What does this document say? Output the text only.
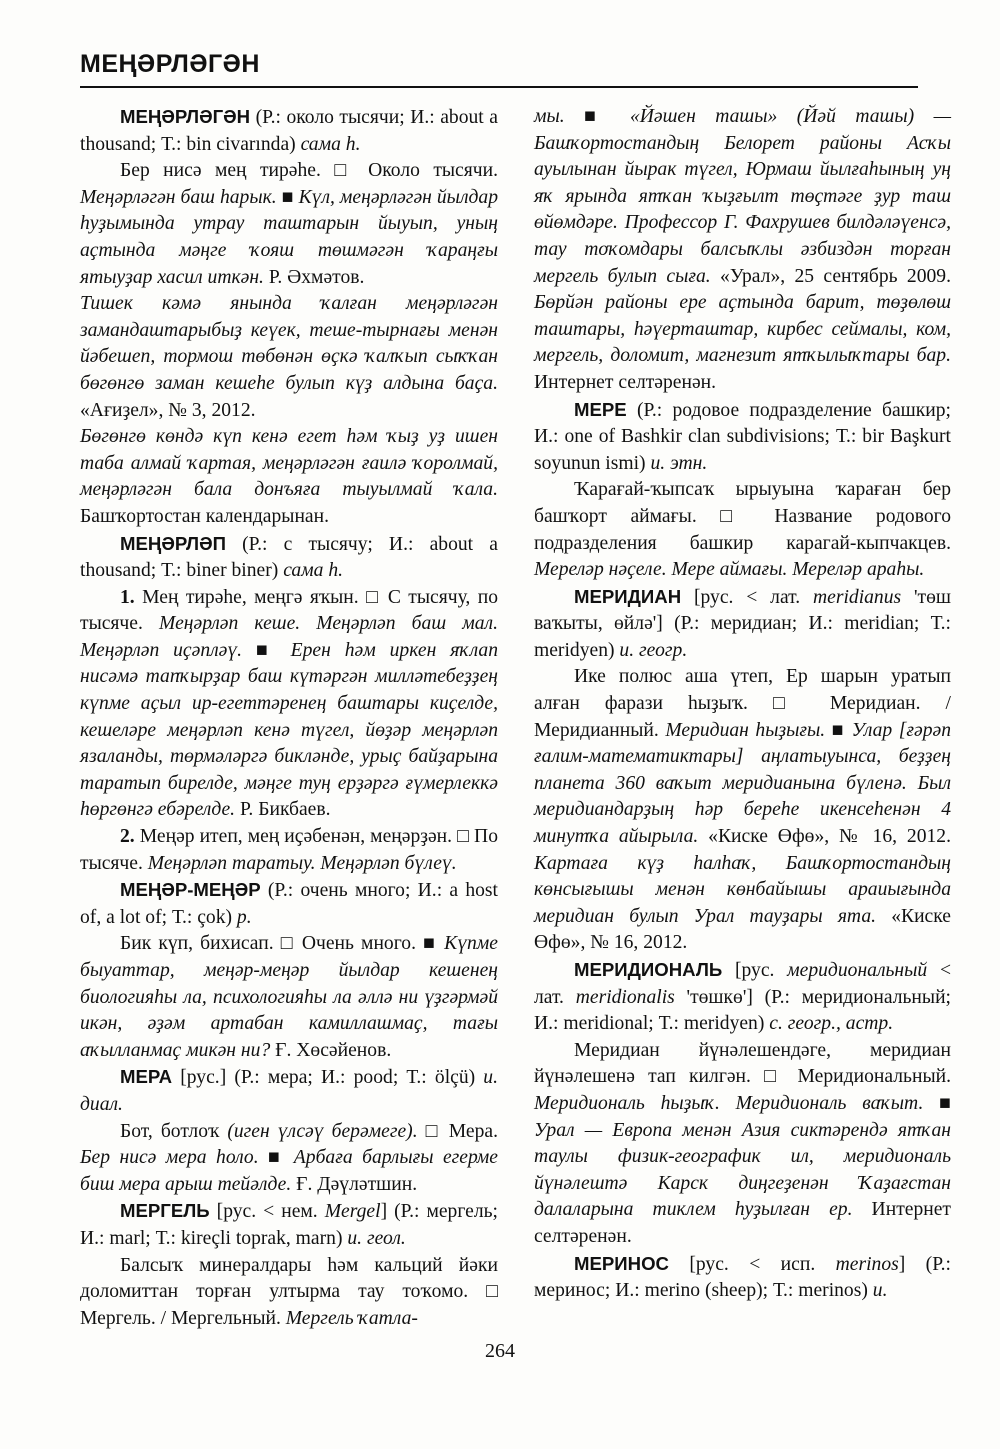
МЕҢӘРЛӘГӘН

МЕҢӘРЛӘГӘН (Р.: около тысячи; И.: about a thousand; Т.: bin civarında) сама h.

Бер нисә мең тирәhе. □ Около тысячи. Меңәрләгән баш hарык. ■ Күл, меңәрләгән йылдар hуҙымында утрау таштарын йыуып, уның аҫтында мәңге ҡояш төшмәгән ҡараңғы ятыуҙар хасил иткән. Р. Әхмәтов.

Тишек кәмә янында ҡалған меңәрләгән замандаштарыбыҙ кеүек, теше-тырнағы менән йәбешеп, тормош төбөнән өҫкә ҡалҡып сыҡҡан бөгөнгө заман кешеhе булып күҙ алдына баҫа. «Ағиҙел», № 3, 2012.

Бөгөнгө көндә күп кенә егет hәм ҡыҙ уҙ ишен таба алмай ҡартая, меңәрләгән ғаилә ҡоролмай, меңәрләгән бала донъяға тыуылмай ҡала. Башҡортостан календарынан.

МЕҢӘРЛӘП (Р.: с тысячу; И.: about a thousand; Т.: biner biner) сама h.

1. Мең тирәhе, меңгә яҡын. □ С тысячу, по тысяче. Меңәрләп кеше. Меңәрләп баш мал. Меңәрләп иҫәпләү. ■ Ерен hәм иркен яҡлап нисәмә тапҡырҙар баш күтәргән милләтебеҙҙең күпме аҫыл ир-егеттәренең баштары киҫелде, кешеләре меңәрләп кенә түгел, йөҙәр меңәрләп язаланды, төрмәләргә бикләнде, урыҫ байҙарына таратып бирелде, мәңге туң ерҙәргә ғүмерлеккә hөргөнгә ебәрелде. Р. Бикбаев.

2. Меңәр итеп, мең иҫәбенән, меңәрҙән. □ По тысяче. Меңәрләп таратыу. Меңәрләп бүлеү.

МЕҢӘР-МЕҢӘР (Р.: очень много; И.: a host of, a lot of; Т.: çok) р.

Бик күп, бихисап. □ Очень много. ■ Күпме быуаттар, меңәр-меңәр йылдар кешенең биологияhы ла, психологияhы ла әллә ни үҙгәрмәй икән, әҙәм артабан камиллашмаҫ, тағы аҡылланмаҫ микән ни? Ғ. Хөсәйенов.

МЕРА [рус.] (Р.: мера; И.: pood; Т.: ölçü) и. диал.

Бот, ботлоҡ (иген үлсәү берәмеге). □ Мера. Бер нисә мера hоло. ■ Арбаға барлығы егерме биш мера арыш тейәлде. Ғ. Дәүләтшин.

МЕРГЕЛЬ [рус. < нем. Mergel] (Р.: мергель; И.: marl; Т.: kireçli toprak, marn) и. геол.

Балсыҡ минералдары hәм кальций йәки доломиттан торған ултырма тау тоҡомо. □ Мергель. / Мергельный. Мергель ҡатла-

мы. ■ «Йәшен ташы» (Йәй ташы) — Башҡортостандың Белорет районы Асҡы ауылынан йырак түгел, Юрмаш йылғаhының уң яҡ ярында ятҡан ҡыҙғылт төҫтәге ҙур таш өйөмдәре. Профессор Г. Фахрушев билдәләүенсә, тау тоҡомдары балсыҡлы әзбиздән торған мергель булып сыға. «Урал», 25 сентябрь 2009. Бөрйән районы ере аҫтында барит, төҙөлөш таштары, hәүерташтар, кирбес сеймалы, ком, мергель, доломит, магнезит ятҡылыҡтары бар. Интернет селтәренән.

МЕРЕ (Р.: родовое подразделение башкир; И.: one of Bashkir clan subdivisions; Т.: bir Başkurt soyunun ismi) и. этн.

Ҡарағай-ҡыпсаҡ ырыуына ҡараған бер башҡорт аймағы. □ Название родового подразделения башкир карагай-кыпчакцев. Мереләр нәҫеле. Мере аймағы. Мереләр араhы.

МЕРИДИАН [рус. < лат. meridianus 'төш ваҡыты, өйлә'] (Р.: меридиан; И.: meridian; Т.: meridyen) и. геогр.

Ике полюс аша үтеп, Ер шарын уратып алған фарази hыҙыҡ. □ Меридиан. / Меридианный. Меридиан hыҙығы. ■ Улар [ғәрәп ғалим-математиктары] аңлатыуынса, беҙҙең планета 360 ваҡыт меридианына бүленә. Был меридиандарҙың hәр береhе икенсеhенән 4 минутҡа айырыла. «Киске Өфө», № 16, 2012. Картаға күҙ hалhаҡ, Башҡортостандың көнсығышы менән көнбайышы араuығында меридиан булып Урал тауҙары ята. «Киске Өфө», № 16, 2012.

МЕРИДИОНАЛЬ [рус. меридиональный < лат. meridionalis 'төшкө'] (Р.: меридиональный; И.: meridional; Т.: meridyen) с. геогр., астр.

Меридиан йүнәлешендәге, меридиан йүнәлешенә тап килгән. □ Меридиональный. Меридиональ hыҙыҡ. Меридиональ ваҡыт. ■ Урал — Европа менән Азия сиктәрендә ятҡан таулы физик-географик ил, меридиональ йүнәлештә Карск диңгеҙенән Ҡаҙағстан далаларына тиклем hуҙылған ер. Интернет селтәренән.

МЕРИНОС [рус. < исп. merinos] (Р.: меринос; И.: merino (sheep); Т.: merinos) и.

264
